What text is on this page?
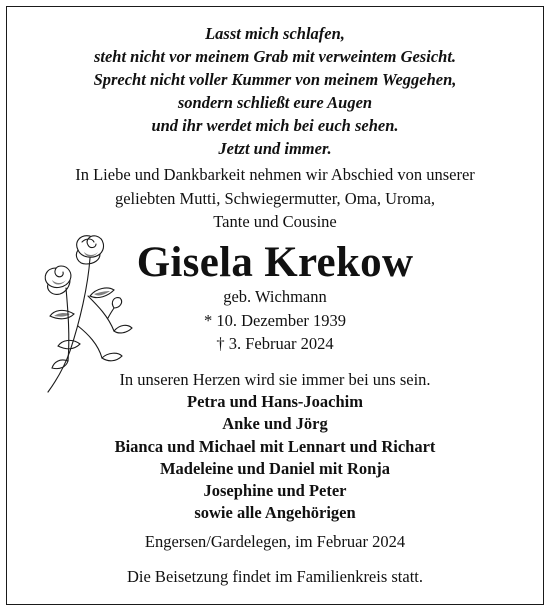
Lasst mich schlafen,
steht nicht vor meinem Grab mit verweintem Gesicht.
Sprecht nicht voller Kummer von meinem Weggehen,
sondern schließt eure Augen
und ihr werdet mich bei euch sehen.
Jetzt und immer.
In Liebe und Dankbarkeit nehmen wir Abschied von unserer
geliebten Mutti, Schwiegermutter, Oma, Uroma,
Tante und Cousine
Gisela Krekow
geb. Wichmann
* 10. Dezember 1939
† 3. Februar 2024
In unseren Herzen wird sie immer bei uns sein.
Petra und Hans-Joachim
Anke und Jörg
Bianca und Michael mit Lennart und Richart
Madeleine und Daniel mit Ronja
Josephine und Peter
sowie alle Angehörigen
Engersen/Gardelegen, im Februar 2024
Die Beisetzung findet im Familienkreis statt.
